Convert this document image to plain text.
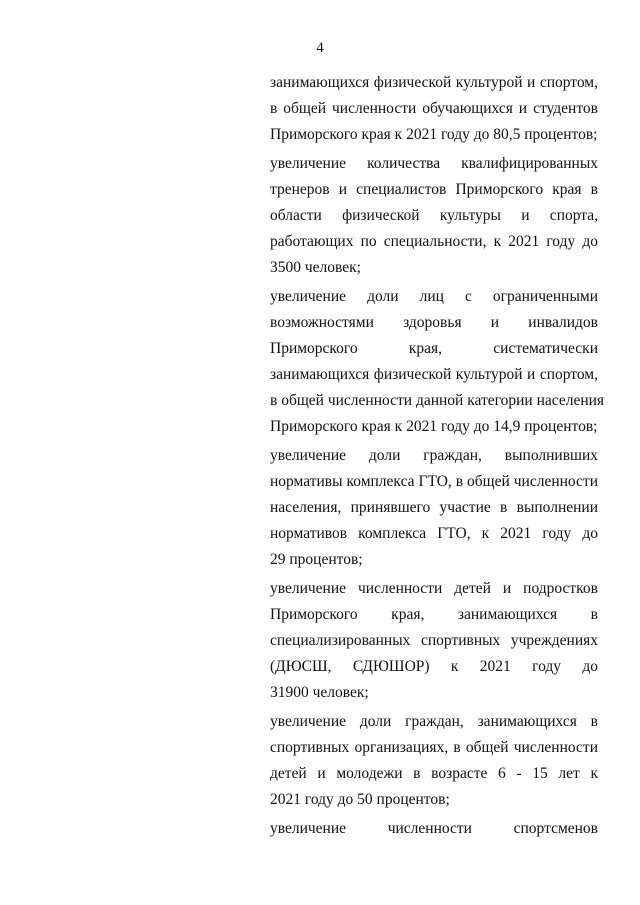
4
занимающихся физической культурой и спортом,
в общей численности обучающихся и студентов
Приморского края к 2021 году до 80,5 процентов;
увеличение количества квалифицированных
тренеров и специалистов Приморского края в
области физической культуры и спорта,
работающих по специальности, к 2021 году до
3500 человек;
увеличение доли лиц с ограниченными
возможностями здоровья и инвалидов
Приморского края, систематически
занимающихся физической культурой и спортом,
в общей численности данной категории населения
Приморского края к 2021 году до 14,9 процентов;
увеличение доли граждан, выполнивших
нормативы комплекса ГТО, в общей численности
населения, принявшего участие в выполнении
нормативов комплекса ГТО, к 2021 году до
29 процентов;
увеличение численности детей и подростков
Приморского края, занимающихся в
специализированных спортивных учреждениях
(ДЮСШ, СДЮШОР) к 2021 году до
31900 человек;
увеличение доли граждан, занимающихся в
спортивных организациях, в общей численности
детей и молодежи в возрасте 6 - 15 лет к
2021 году до 50 процентов;
увеличение численности спортсменов
